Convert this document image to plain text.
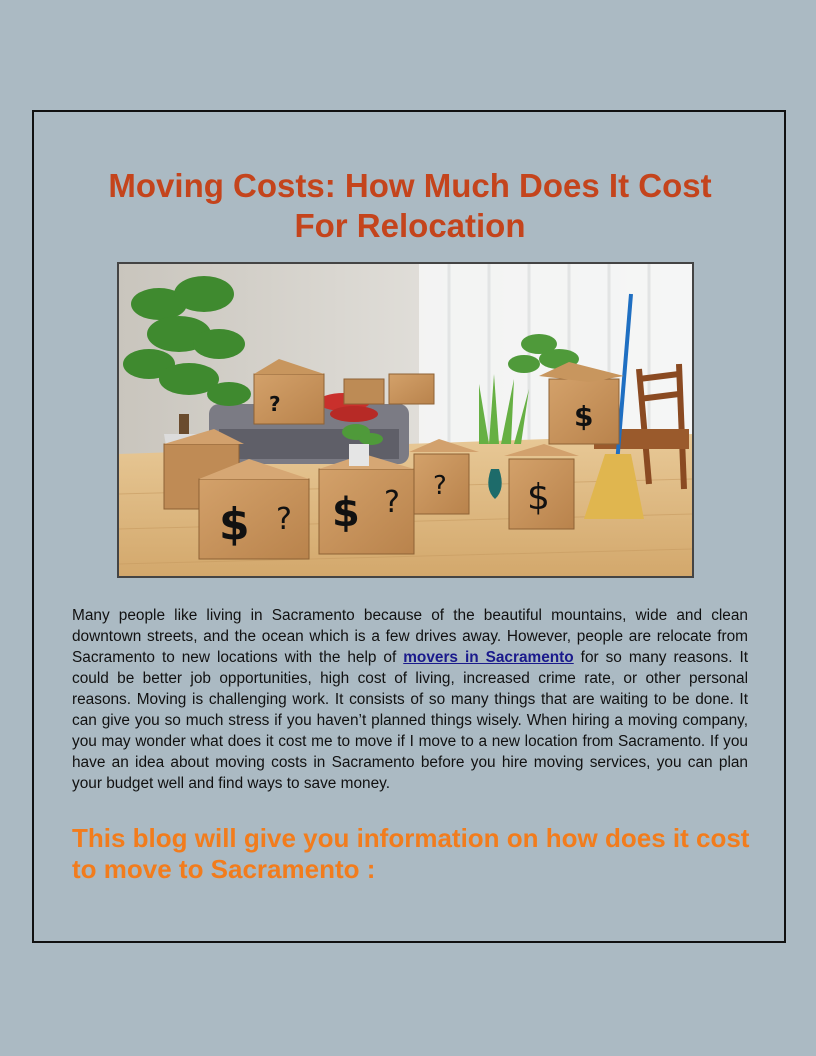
Moving Costs: How Much Does It Cost For Relocation
?	$
? $
$ ? $ ?

Many people like living in Sacramento because of the beautiful mountains, wide and clean downtown streets, and the ocean which is a few drives away. However, people are relocate from Sacramento to new locations with the help of movers in Sacramento for so many reasons. It could be better job opportunities, high cost of living, increased crime rate, or other personal reasons. Moving is challenging work. It consists of so many things that are waiting to be done. It can give you so much stress if you haven’t planned things wisely. When hiring a moving company, you may wonder what does it cost me to move if I move to a new location from Sacramento. If you have an idea about moving costs in Sacramento before you hire moving services, you can plan your budget well and find ways to save money.

This blog will give you information on how does it cost to move to Sacramento :
